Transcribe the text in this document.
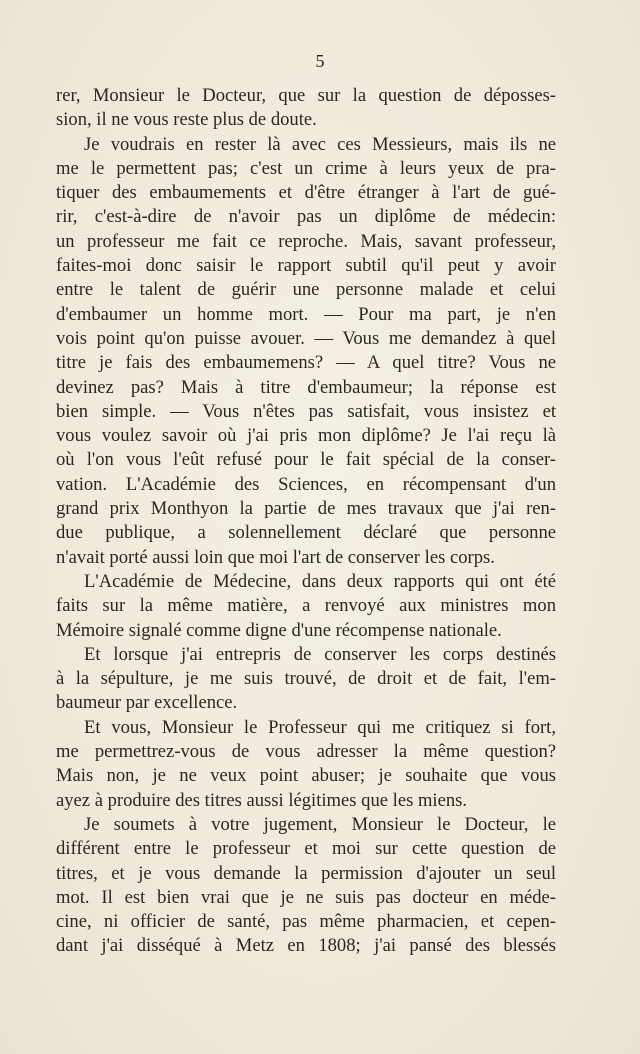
5
rer, Monsieur le Docteur, que sur la question de déposses-
sion, il ne vous reste plus de doute.
Je voudrais en rester là avec ces Messieurs, mais ils ne
me le permettent pas; c'est un crime à leurs yeux de pra-
tiquer des embaumements et d'être étranger à l'art de gué-
rir, c'est-à-dire de n'avoir pas un diplôme de médecin:
un professeur me fait ce reproche. Mais, savant professeur,
faites-moi donc saisir le rapport subtil qu'il peut y avoir
entre le talent de guérir une personne malade et celui
d'embaumer un homme mort. — Pour ma part, je n'en
vois point qu'on puisse avouer. — Vous me demandez à quel
titre je fais des embaumemens? — A quel titre? Vous ne
devinez pas? Mais à titre d'embaumeur; la réponse est
bien simple. — Vous n'êtes pas satisfait, vous insistez et
vous voulez savoir où j'ai pris mon diplôme? Je l'ai reçu là
où l'on vous l'eût refusé pour le fait spécial de la conser-
vation. L'Académie des Sciences, en récompensant d'un
grand prix Monthyon la partie de mes travaux que j'ai ren-
due publique, a solennellement déclaré que personne
n'avait porté aussi loin que moi l'art de conserver les corps.
L'Académie de Médecine, dans deux rapports qui ont été
faits sur la même matière, a renvoyé aux ministres mon
Mémoire signalé comme digne d'une récompense nationale.
Et lorsque j'ai entrepris de conserver les corps destinés
à la sépulture, je me suis trouvé, de droit et de fait, l'em-
baumeur par excellence.
Et vous, Monsieur le Professeur qui me critiquez si fort,
me permettrez-vous de vous adresser la même question?
Mais non, je ne veux point abuser; je souhaite que vous
ayez à produire des titres aussi légitimes que les miens.
Je soumets à votre jugement, Monsieur le Docteur, le
différent entre le professeur et moi sur cette question de
titres, et je vous demande la permission d'ajouter un seul
mot. Il est bien vrai que je ne suis pas docteur en méde-
cine, ni officier de santé, pas même pharmacien, et cepen-
dant j'ai disséqué à Metz en 1808; j'ai pansé des blessés
